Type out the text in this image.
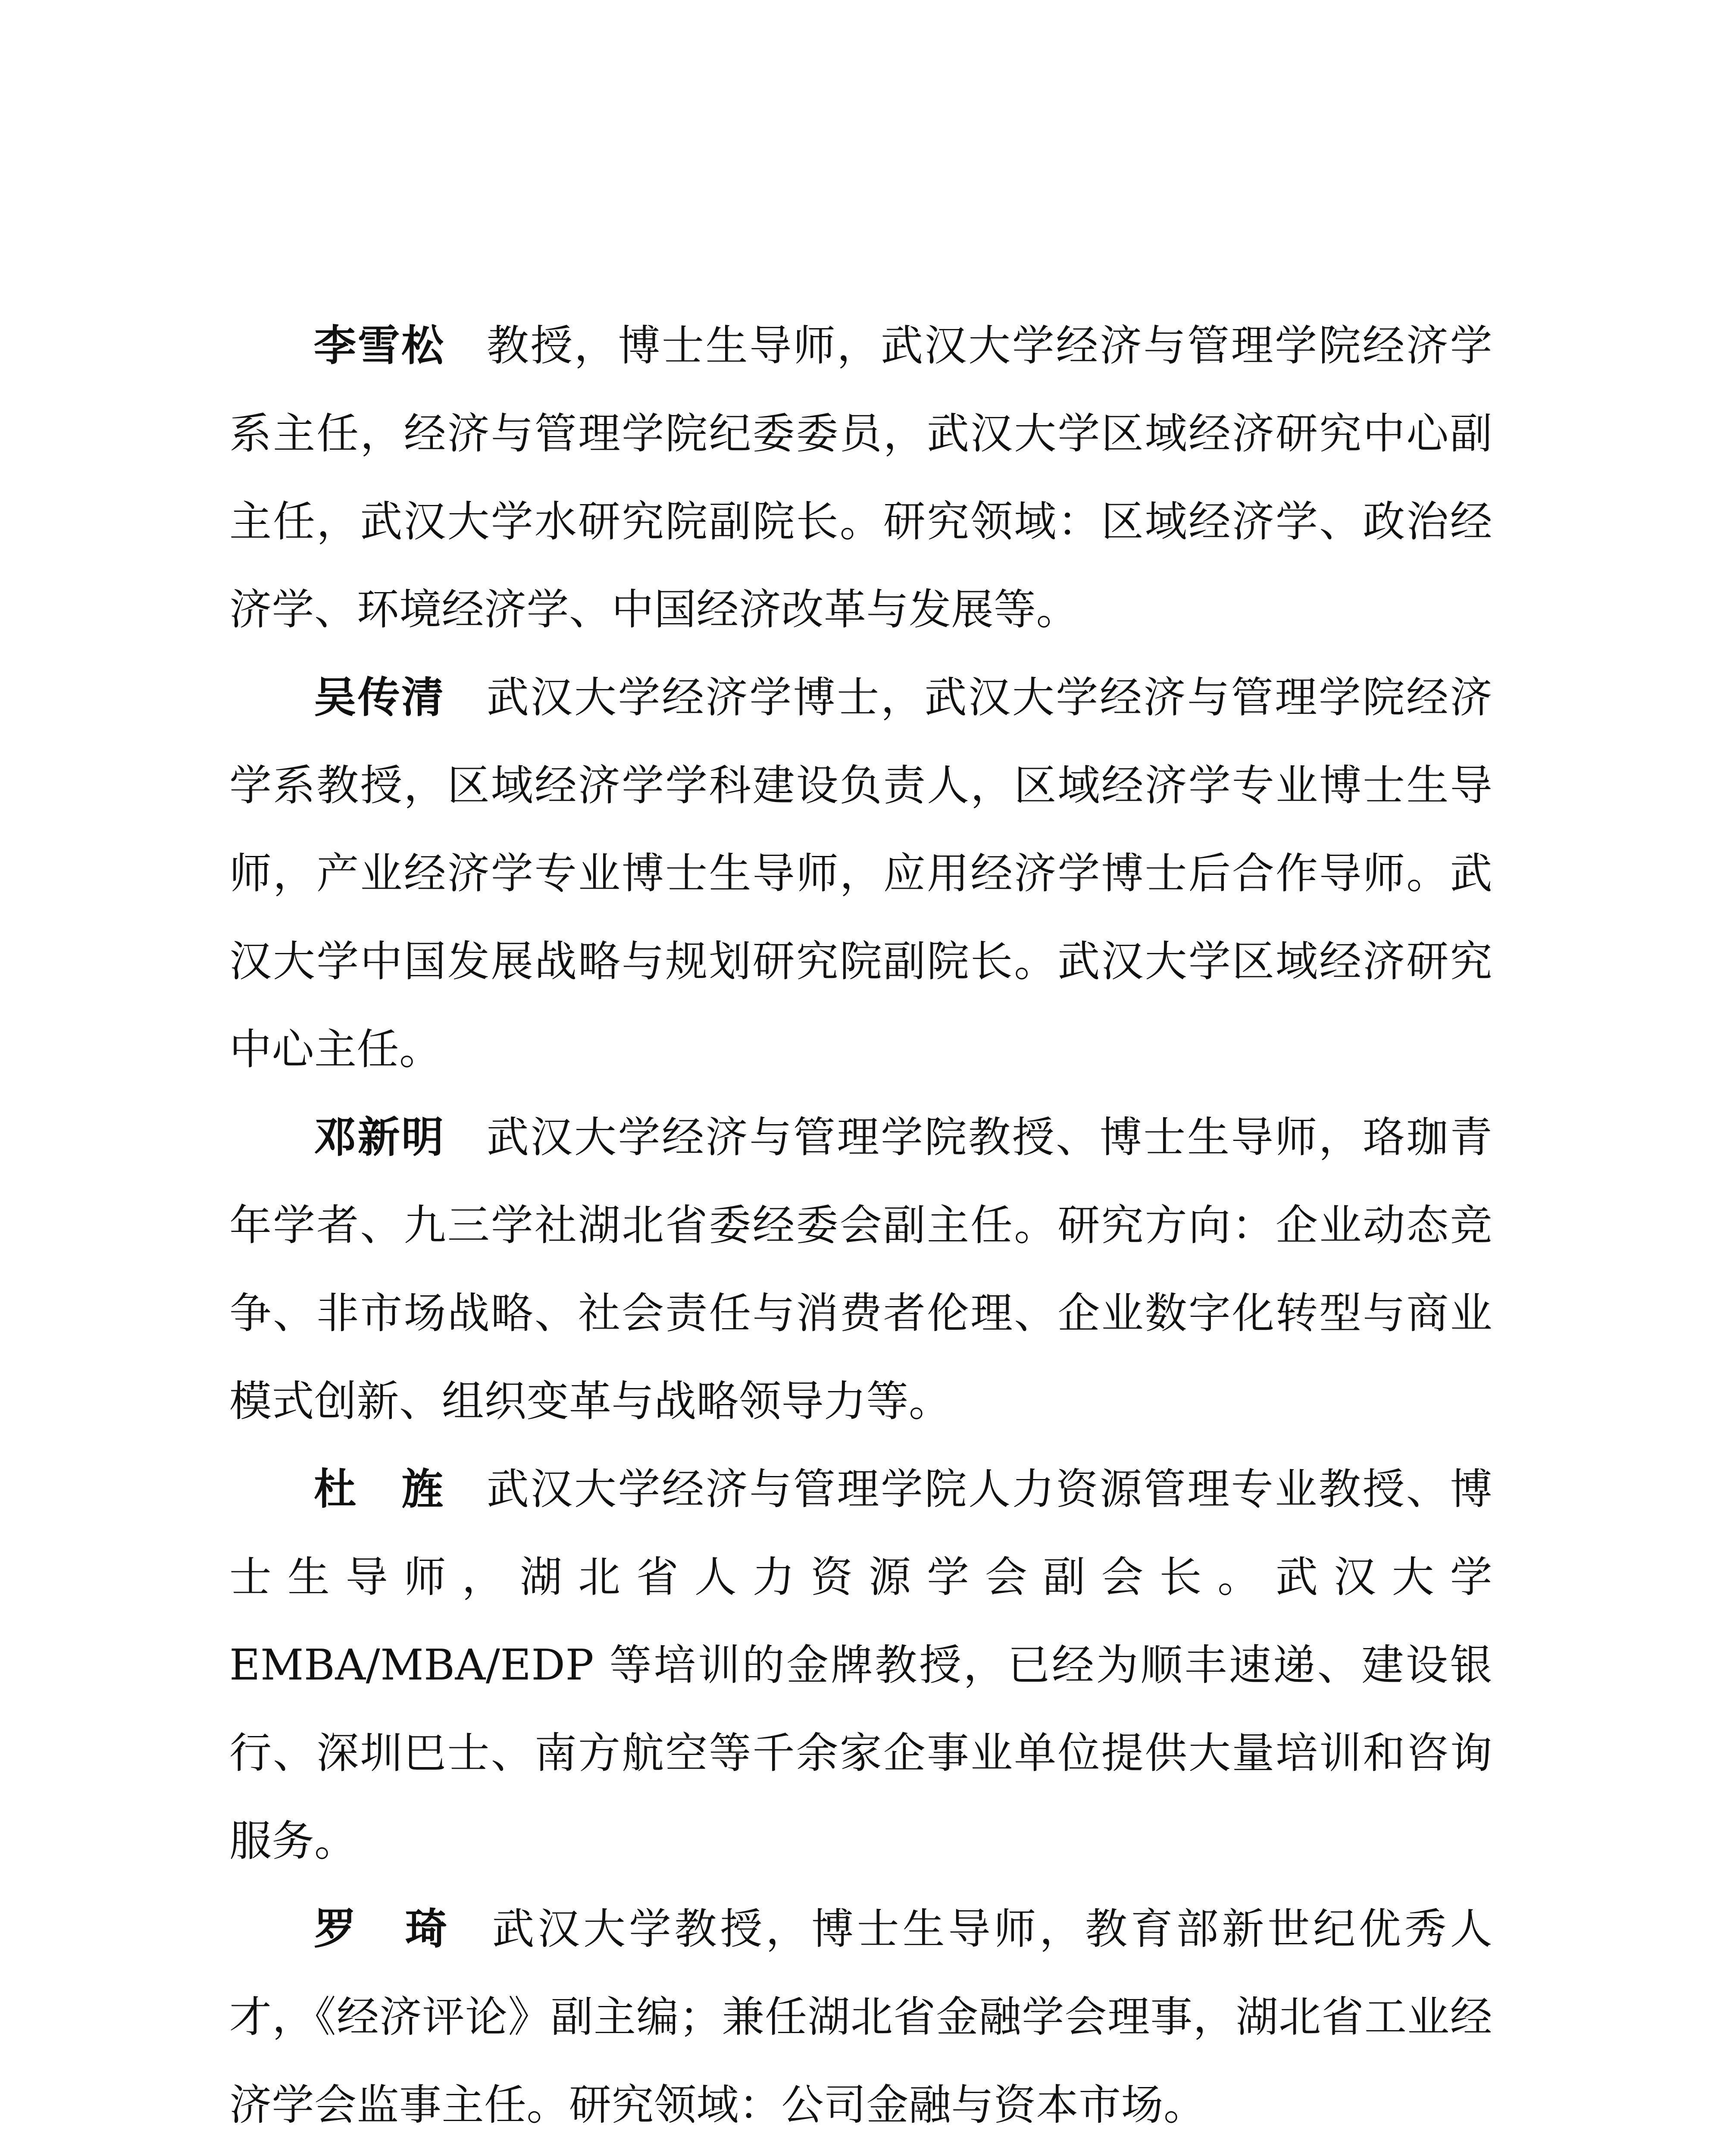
李雪松 教授，博士生导师，武汉大学经济与管理学院经济学系主任，经济与管理学院纪委委员，武汉大学区域经济研究中心副主任，武汉大学水研究院副院长。研究领域：区域经济学、政治经济学、环境经济学、中国经济改革与发展等。

吴传清 武汉大学经济学博士，武汉大学经济与管理学院经济学系教授，区域经济学学科建设负责人，区域经济学专业博士生导师，产业经济学专业博士生导师，应用经济学博士后合作导师。武汉大学中国发展战略与规划研究院副院长。武汉大学区域经济研究中心主任。

邓新明 武汉大学经济与管理学院教授、博士生导师，珞珈青年学者、九三学社湖北省委经委会副主任。研究方向：企业动态竞争、非市场战略、社会责任与消费者伦理、企业数字化转型与商业模式创新、组织变革与战略领导力等。

杜　旌 武汉大学经济与管理学院人力资源管理专业教授、博士生导师，湖北省人力资源学会副会长。武汉大学 EMBA/MBA/EDP 等培训的金牌教授，已经为顺丰速递、建设银行、深圳巴士、南方航空等千余家企事业单位提供大量培训和咨询服务。

罗　琦 武汉大学教授，博士生导师，教育部新世纪优秀人才，《经济评论》副主编；兼任湖北省金融学会理事，湖北省工业经济学会监事主任。研究领域：公司金融与资本市场。
